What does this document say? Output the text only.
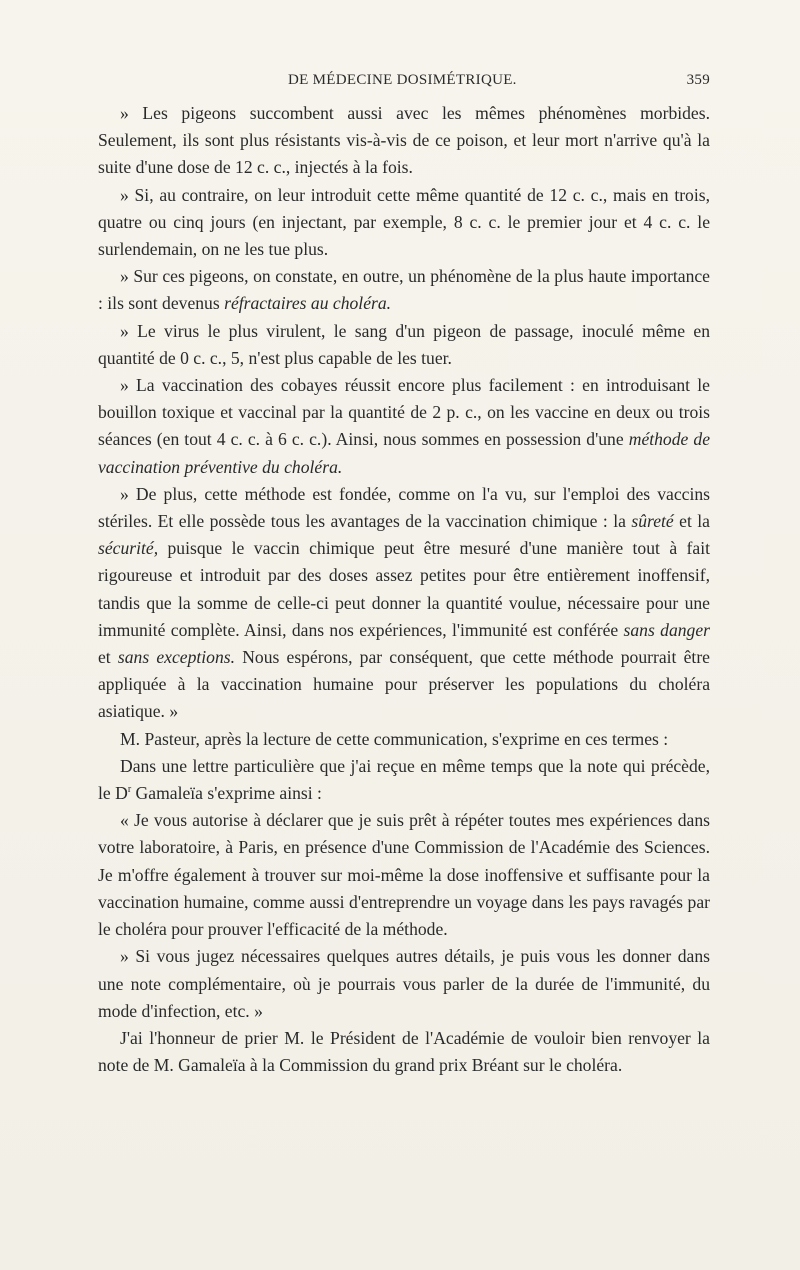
DE MÉDECINE DOSIMÉTRIQUE.	359

» Les pigeons succombent aussi avec les mêmes phénomènes morbides. Seulement, ils sont plus résistants vis-à-vis de ce poison, et leur mort n'arrive qu'à la suite d'une dose de 12 c. c., injectés à la fois.

» Si, au contraire, on leur introduit cette même quantité de 12 c. c., mais en trois, quatre ou cinq jours (en injectant, par exemple, 8 c. c. le premier jour et 4 c. c. le surlendemain, on ne les tue plus.

» Sur ces pigeons, on constate, en outre, un phénomène de la plus haute importance : ils sont devenus réfractaires au choléra.

» Le virus le plus virulent, le sang d'un pigeon de passage, inoculé même en quantité de 0 c. c., 5, n'est plus capable de les tuer.

» La vaccination des cobayes réussit encore plus facilement : en introduisant le bouillon toxique et vaccinal par la quantité de 2 p. c., on les vaccine en deux ou trois séances (en tout 4 c. c. à 6 c. c.). Ainsi, nous sommes en possession d'une méthode de vaccination préventive du choléra.

» De plus, cette méthode est fondée, comme on l'a vu, sur l'emploi des vaccins stériles. Et elle possède tous les avantages de la vaccination chimique : la sûreté et la sécurité, puisque le vaccin chimique peut être mesuré d'une manière tout à fait rigoureuse et introduit par des doses assez petites pour être entièrement inoffensif, tandis que la somme de celle-ci peut donner la quantité voulue, nécessaire pour une immunité complète. Ainsi, dans nos expériences, l'immunité est conférée sans danger et sans exceptions. Nous espérons, par conséquent, que cette méthode pourrait être appliquée à la vaccination humaine pour préserver les populations du choléra asiatique. »

M. Pasteur, après la lecture de cette communication, s'exprime en ces termes :

Dans une lettre particulière que j'ai reçue en même temps que la note qui précède, le $D^r$ Gamaleïa s'exprime ainsi :

« Je vous autorise à déclarer que je suis prêt à répéter toutes mes expériences dans votre laboratoire, à Paris, en présence d'une Commission de l'Académie des Sciences. Je m'offre également à trouver sur moi-même la dose inoffensive et suffisante pour la vaccination humaine, comme aussi d'entreprendre un voyage dans les pays ravagés par le choléra pour prouver l'efficacité de la méthode.

» Si vous jugez nécessaires quelques autres détails, je puis vous les donner dans une note complémentaire, où je pourrais vous parler de la durée de l'immunité, du mode d'infection, etc. »

J'ai l'honneur de prier M. le Président de l'Académie de vouloir bien renvoyer la note de M. Gamaleïa à la Commission du grand prix Bréant sur le choléra.
